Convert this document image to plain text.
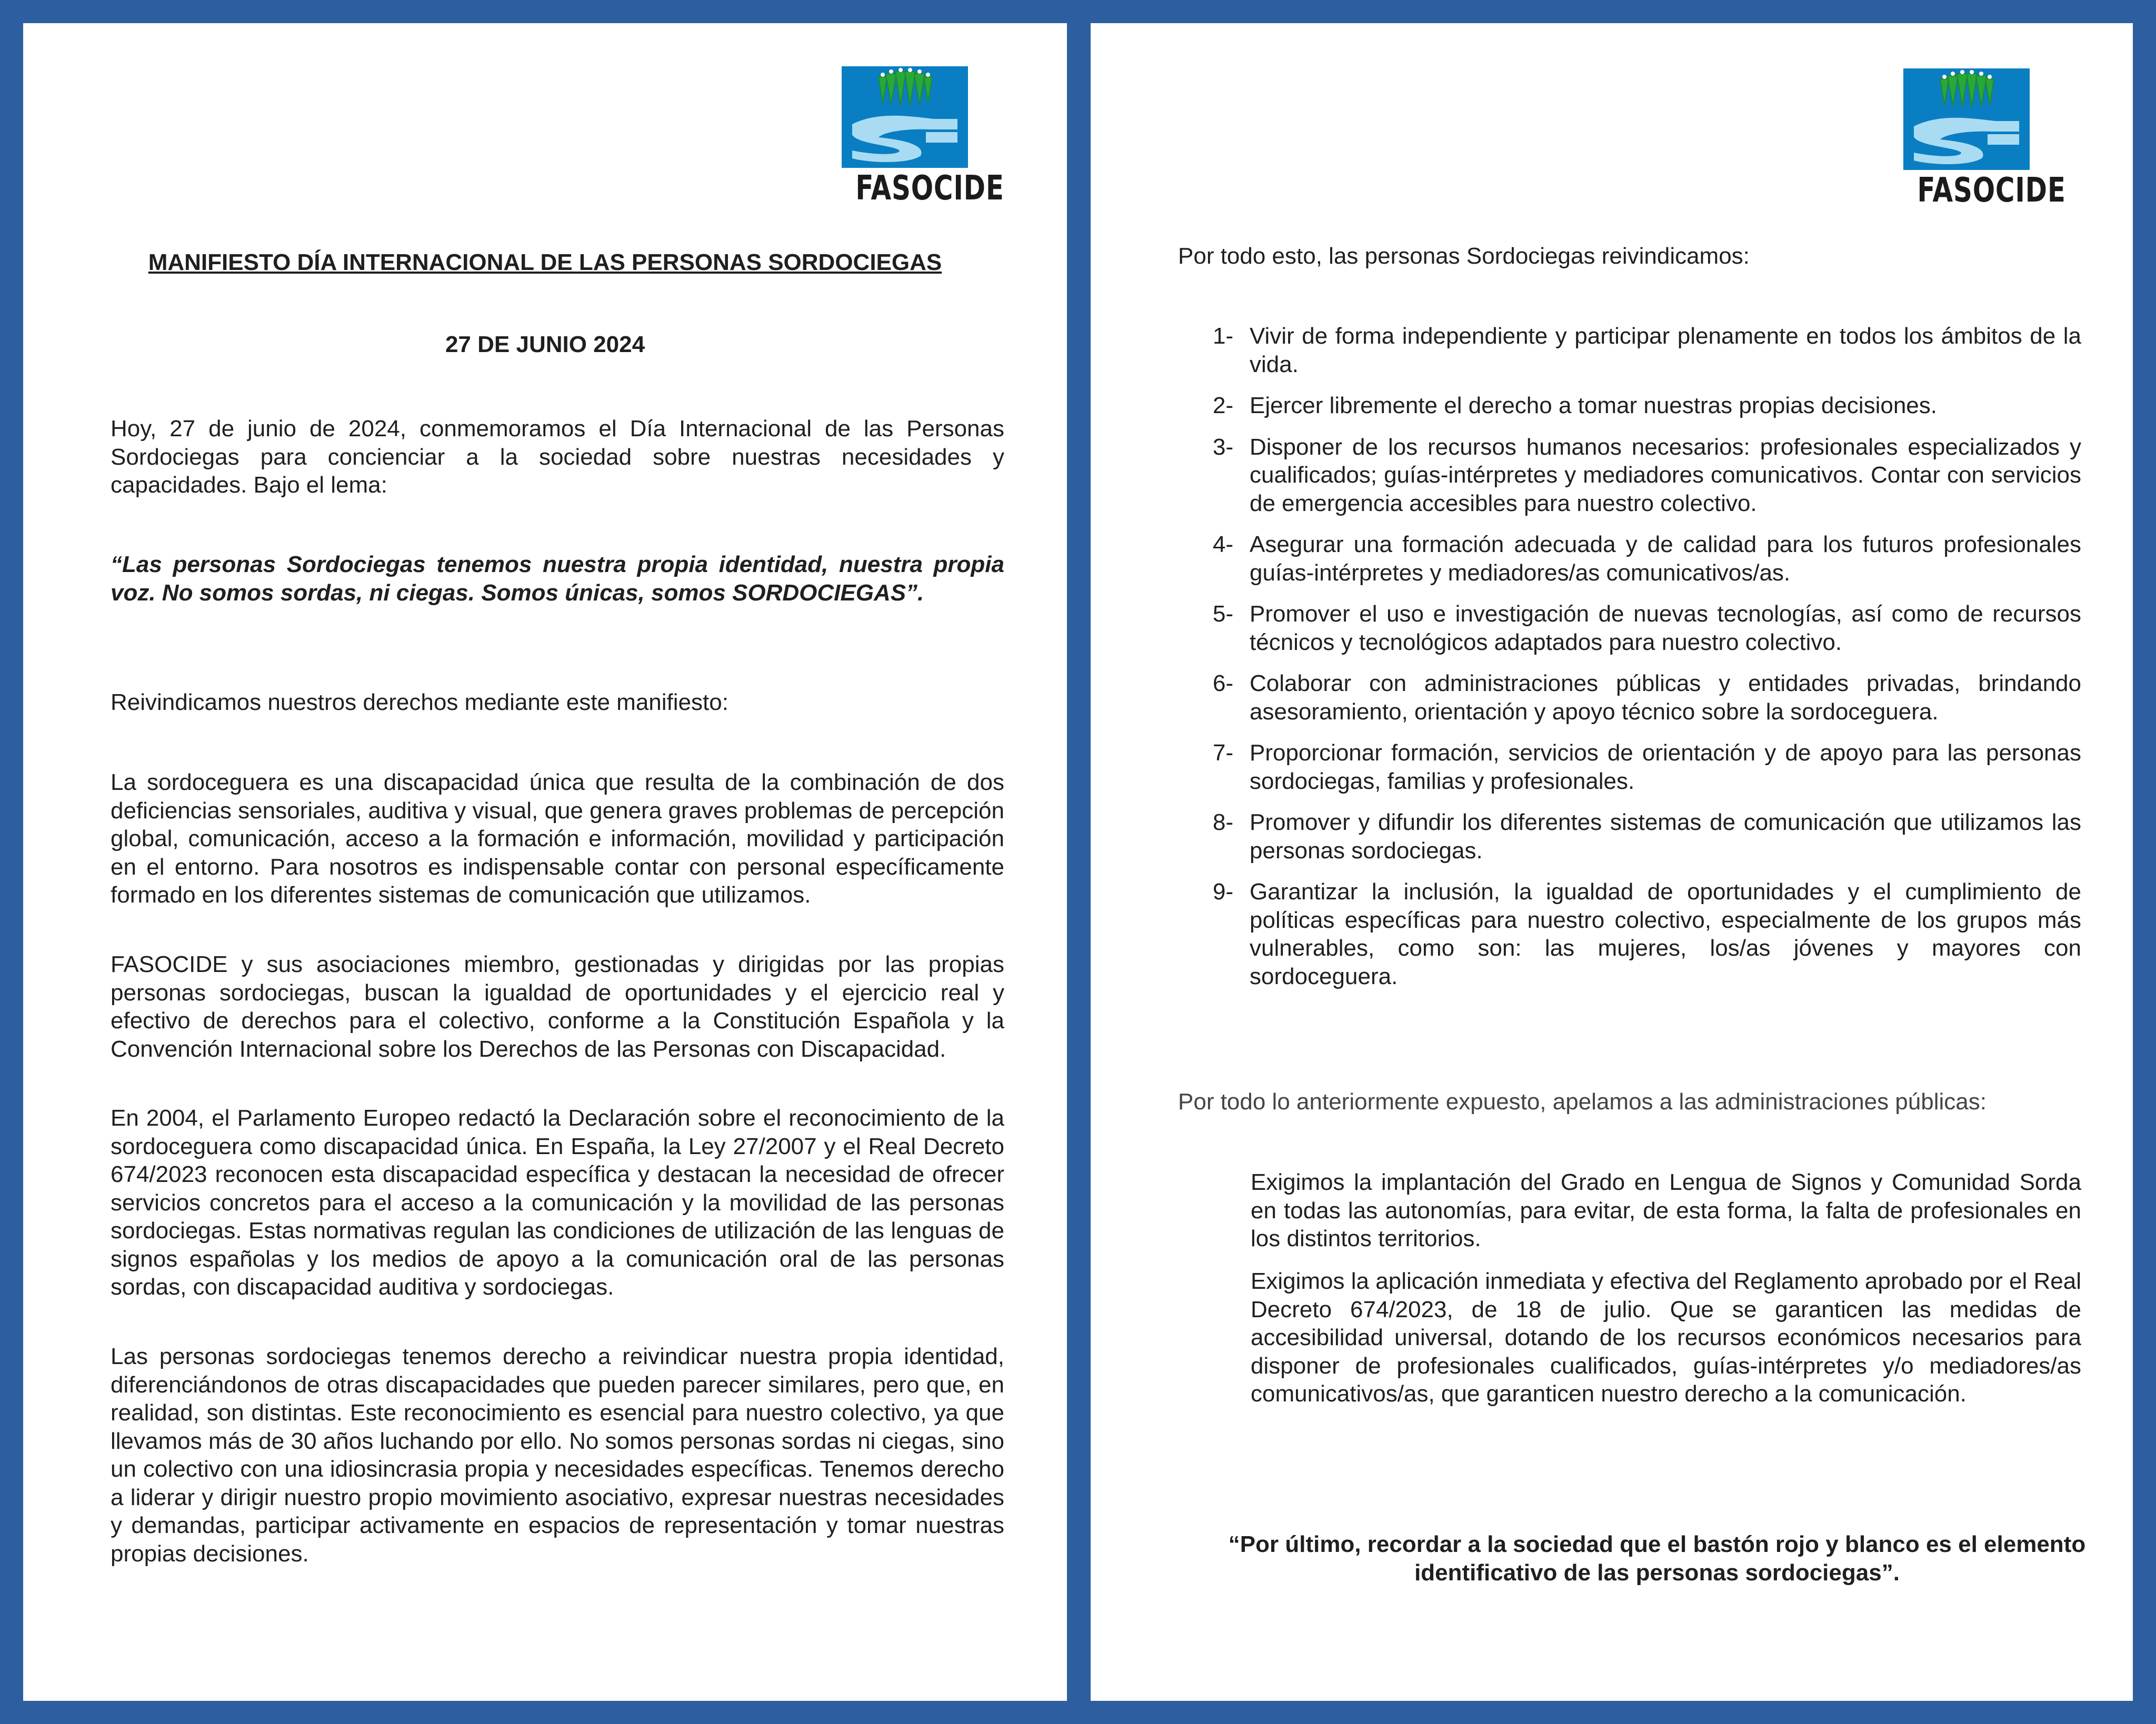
FASOCIDE
MANIFIESTO DÍA INTERNACIONAL DE LAS PERSONAS SORDOCIEGAS
27 DE JUNIO 2024
Hoy, 27 de junio de 2024, conmemoramos el Día Internacional de las Personas Sordociegas para concienciar a la sociedad sobre nuestras necesidades y capacidades. Bajo el lema:
“Las personas Sordociegas tenemos nuestra propia identidad, nuestra propia voz. No somos sordas, ni ciegas. Somos únicas, somos SORDOCIEGAS”.
Reivindicamos nuestros derechos mediante este manifiesto:
La sordoceguera es una discapacidad única que resulta de la combinación de dos deficiencias sensoriales, auditiva y visual, que genera graves problemas de percepción global, comunicación, acceso a la formación e información, movilidad y participación en el entorno. Para nosotros es indispensable contar con personal específicamente formado en los diferentes sistemas de comunicación que utilizamos.
FASOCIDE y sus asociaciones miembro, gestionadas y dirigidas por las propias personas sordociegas, buscan la igualdad de oportunidades y el ejercicio real y efectivo de derechos para el colectivo, conforme a la Constitución Española y la Convención Internacional sobre los Derechos de las Personas con Discapacidad.
En 2004, el Parlamento Europeo redactó la Declaración sobre el reconocimiento de la sordoceguera como discapacidad única. En España, la Ley 27/2007 y el Real Decreto 674/2023 reconocen esta discapacidad específica y destacan la necesidad de ofrecer servicios concretos para el acceso a la comunicación y la movilidad de las personas sordociegas. Estas normativas regulan las condiciones de utilización de las lenguas de signos españolas y los medios de apoyo a la comunicación oral de las personas sordas, con discapacidad auditiva y sordociegas.
Las personas sordociegas tenemos derecho a reivindicar nuestra propia identidad, diferenciándonos de otras discapacidades que pueden parecer similares, pero que, en realidad, son distintas. Este reconocimiento es esencial para nuestro colectivo, ya que llevamos más de 30 años luchando por ello. No somos personas sordas ni ciegas, sino un colectivo con una idiosincrasia propia y necesidades específicas. Tenemos derecho a liderar y dirigir nuestro propio movimiento asociativo, expresar nuestras necesidades y demandas, participar activamente en espacios de representación y tomar nuestras propias decisiones.
FASOCIDE
Por todo esto, las personas Sordociegas reivindicamos:
1- Vivir de forma independiente y participar plenamente en todos los ámbitos de la vida.
2- Ejercer libremente el derecho a tomar nuestras propias decisiones.
3- Disponer de los recursos humanos necesarios: profesionales especializados y cualificados; guías-intérpretes y mediadores comunicativos. Contar con servicios de emergencia accesibles para nuestro colectivo.
4- Asegurar una formación adecuada y de calidad para los futuros profesionales guías-intérpretes y mediadores/as comunicativos/as.
5- Promover el uso e investigación de nuevas tecnologías, así como de recursos técnicos y tecnológicos adaptados para nuestro colectivo.
6- Colaborar con administraciones públicas y entidades privadas, brindando asesoramiento, orientación y apoyo técnico sobre la sordoceguera.
7- Proporcionar formación, servicios de orientación y de apoyo para las personas sordociegas, familias y profesionales.
8- Promover y difundir los diferentes sistemas de comunicación que utilizamos las personas sordociegas.
9- Garantizar la inclusión, la igualdad de oportunidades y el cumplimiento de políticas específicas para nuestro colectivo, especialmente de los grupos más vulnerables, como son: las mujeres, los/as jóvenes y mayores con sordoceguera.
Por todo lo anteriormente expuesto, apelamos a las administraciones públicas:
Exigimos la implantación del Grado en Lengua de Signos y Comunidad Sorda en todas las autonomías, para evitar, de esta forma, la falta de profesionales en los distintos territorios.
Exigimos la aplicación inmediata y efectiva del Reglamento aprobado por el Real Decreto 674/2023, de 18 de julio. Que se garanticen las medidas de accesibilidad universal, dotando de los recursos económicos necesarios para disponer de profesionales cualificados, guías-intérpretes y/o mediadores/as comunicativos/as, que garanticen nuestro derecho a la comunicación.
“Por último, recordar a la sociedad que el bastón rojo y blanco es el elemento identificativo de las personas sordociegas”.
